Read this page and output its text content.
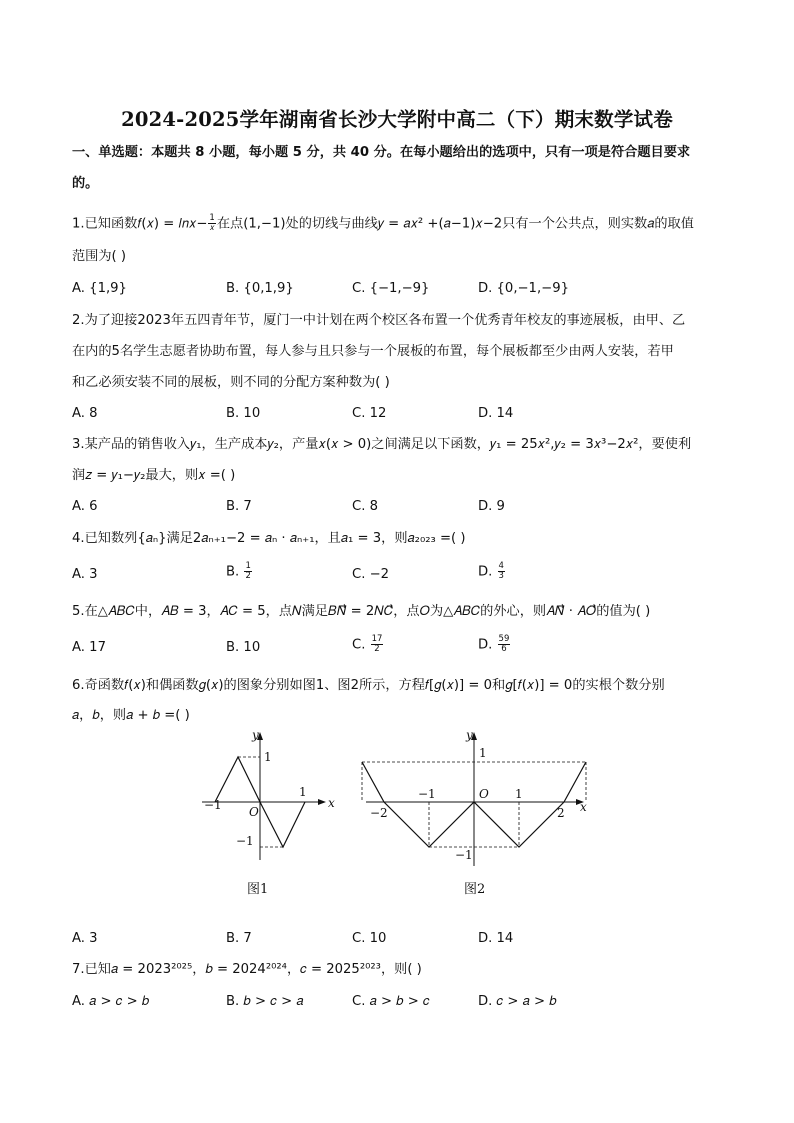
2024-2025学年湖南省长沙大学附中高二（下）期末数学试卷
一、单选题：本题共 8 小题，每小题 5 分，共 40 分。在每小题给出的选项中，只有一项是符合题目要求
的。
1.已知函数𝑓(𝑥) = 𝑙𝑛𝑥− $\frac{1}{\text{𝑥}}$ 在点(1,−1)处的切线与曲线𝑦 = 𝑎𝑥² +(𝑎−1)𝑥−2只有一个公共点，则实数𝑎的取值
范围为( )
A. {1,9}	B. {0,1,9}	C. {−1,−9}	D. {0,−1,−9}
2.为了迎接2023年五四青年节，厦门一中计划在两个校区各布置一个优秀青年校友的事迹展板，由甲、乙
在内的5名学生志愿者协助布置，每人参与且只参与一个展板的布置，每个展板都至少由两人安装，若甲
和乙必须安装不同的展板，则不同的分配方案种数为( )
A. 8	B. 10	C. 12	D. 14
3.某产品的销售收入𝑦₁，生产成本𝑦₂，产量𝑥(𝑥 > 0)之间满足以下函数，𝑦₁ = 25𝑥²,𝑦₂ = 3𝑥³−2𝑥²，要使利
润𝑧 = 𝑦₁−𝑦₂最大，则𝑥 =( )
A. 6	B. 7	C. 8	D. 9
4.已知数列{𝑎ₙ}满足2𝑎ₙ₊₁−2 = 𝑎ₙ · 𝑎ₙ₊₁，且𝑎₁ = 3，则𝑎₂₀₂₃ =( )
A. 3	B. $\frac{1}{2}$	C. −2	D. $\frac{4}{3}$
5.在△𝐴𝐵𝐶中，𝐴𝐵 = 3，𝐴𝐶 = 5，点𝑁满足𝐵𝑁⃗ = 2𝑁𝐶⃗，点𝑂为△𝐴𝐵𝐶的外心，则𝐴𝑁⃗ · 𝐴𝑂⃗的值为( )
A. 17	B. 10	C. $\frac{17}{2}$	D. $\frac{59}{6}$
6.奇函数𝑓(𝑥)和偶函数𝑔(𝑥)的图象分别如图1、图2所示，方程𝑓[𝑔(𝑥)] = 0和𝑔[𝑓(𝑥)] = 0的实根个数分别
𝑎，𝑏，则𝑎 + 𝑏 =( )
x
y
O
−1
1
1
−1
图1
x
y
O
−2
−1	1
2
1
−1
图2
A. 3	B. 7	C. 10	D. 14
7.已知𝑎 = 2023²⁰²⁵，𝑏 = 2024²⁰²⁴，𝑐 = 2025²⁰²³，则( )
A. 𝑎 > 𝑐 > 𝑏	B. 𝑏 > 𝑐 > 𝑎	C. 𝑎 > 𝑏 > 𝑐	D. 𝑐 > 𝑎 > 𝑏
